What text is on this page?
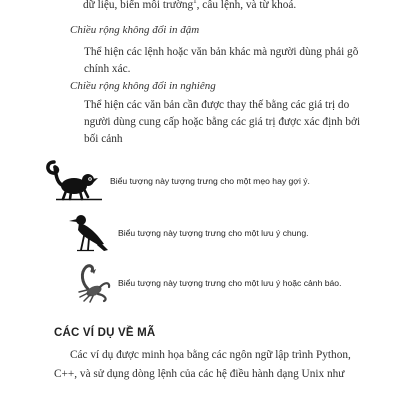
dữ liệu, biến môi trường$^1$, câu lệnh, và từ khoá.
Chiều rộng không đổi in đậm
Thể hiện các lệnh hoặc văn bản khác mà người dùng phải gõ
chính xác.
Chiều rộng không đổi in nghiêng
Thể hiện các văn bản cần được thay thế bằng các giá trị do
người dùng cung cấp hoặc bằng các giá trị được xác định bởi
bối cảnh
Biểu tượng này tượng trưng cho một mẹo hay gợi ý.
Biểu tượng này tượng trưng cho một lưu ý chung.
Biểu tượng này tượng trưng cho một lưu ý hoặc cảnh báo.
CÁC VÍ DỤ VỀ MÃ
Các ví dụ được minh họa bằng các ngôn ngữ lập trình Python,
C++, và sử dụng dòng lệnh của các hệ điều hành dạng Unix như
